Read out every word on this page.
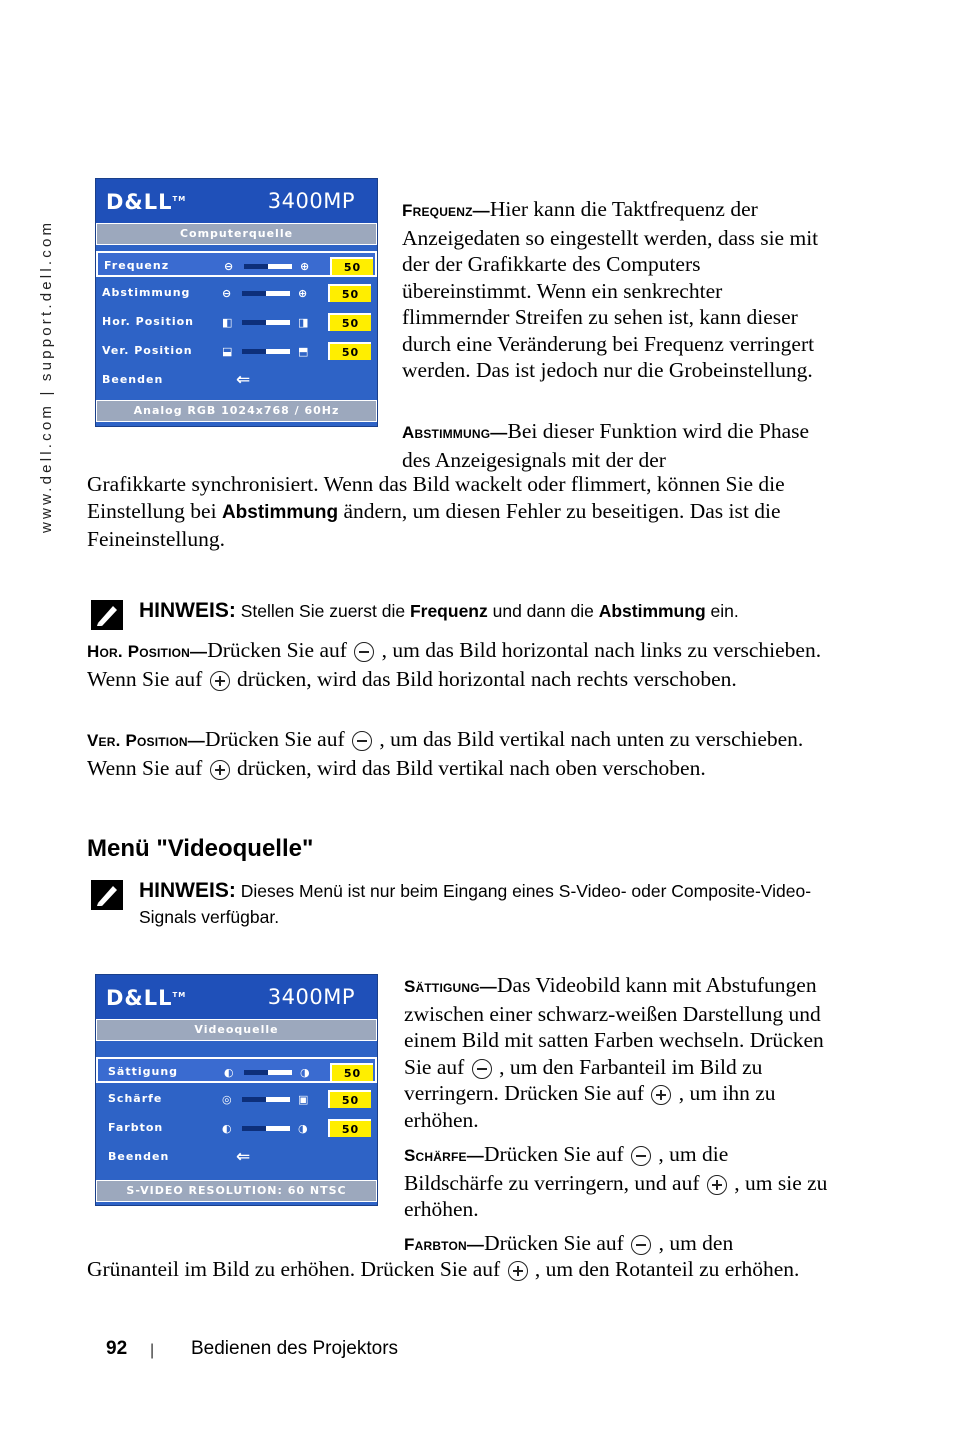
www.dell.com | support.dell.com
D&LL™	3400MP
Computerquelle
Frequenz	⊖	⊕	50
Abstimmung	⊖	⊕	50
Hor. Position	◧	◨	50
Ver. Position	⬓	⬒	50
Beenden	⇐
Analog RGB 1024x768 / 60Hz
Frequenz—Hier kann die Taktfrequenz der Anzeigedaten so eingestellt werden, dass sie mit der der Grafikkarte des Computers übereinstimmt. Wenn ein senkrechter flimmernder Streifen zu sehen ist, kann dieser durch eine Veränderung bei Frequenz verringert werden. Das ist jedoch nur die Grobeinstellung.
Abstimmung—Bei dieser Funktion wird die Phase des Anzeigesignals mit der der
Grafikkarte synchronisiert. Wenn das Bild wackelt oder flimmert, können Sie die Einstellung bei Abstimmung ändern, um diesen Fehler zu beseitigen. Das ist die Feineinstellung.
HINWEIS: Stellen Sie zuerst die Frequenz und dann die Abstimmung ein.
Hor. Position—Drücken Sie auf  , um das Bild horizontal nach links zu verschieben. Wenn Sie auf  drücken, wird das Bild horizontal nach rechts verschoben.
Ver. Position—Drücken Sie auf  , um das Bild vertikal nach unten zu verschieben. Wenn Sie auf  drücken, wird das Bild vertikal nach oben verschoben.
Menü "Videoquelle"
HINWEIS: Dieses Menü ist nur beim Eingang eines S-Video- oder Composite-Video-Signals verfügbar.
D&LL™	3400MP
Videoquelle
Sättigung	◐	◑	50
Schärfe	◎	▣	50
Farbton	◐	◑	50
Beenden	⇐
S-VIDEO RESOLUTION: 60 NTSC
Sättigung—Das Videobild kann mit Abstufungen zwischen einer schwarz-weißen Darstellung und einem Bild mit satten Farben wechseln. Drücken Sie auf  , um den Farbanteil im Bild zu verringern. Drücken Sie auf  , um ihn zu erhöhen.
Schärfe—Drücken Sie auf  , um die Bildschärfe zu verringern, und auf  , um sie zu erhöhen.
Farbton—Drücken Sie auf  , um den
Grünanteil im Bild zu erhöhen. Drücken Sie auf  , um den Rotanteil zu erhöhen.
92 | Bedienen des Projektors
